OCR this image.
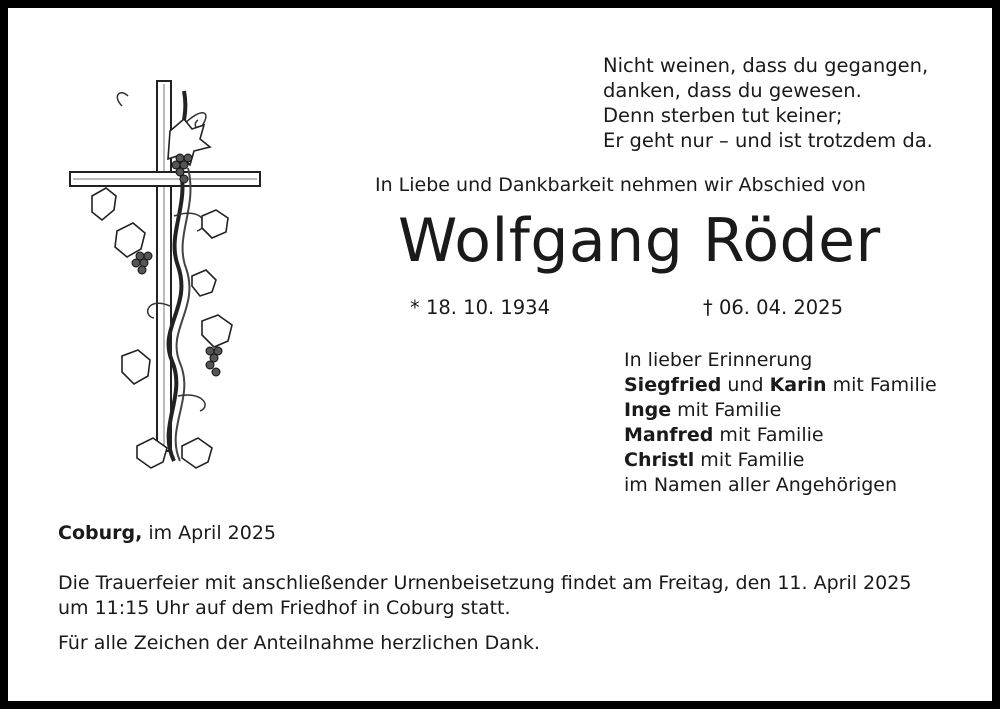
Nicht weinen, dass du gegangen,
danken, dass du gewesen.
Denn sterben tut keiner;
Er geht nur – und ist trotzdem da.
In Liebe und Dankbarkeit nehmen wir Abschied von
Wolfgang Röder
* 18. 10. 1934	† 06. 04. 2025
In lieber Erinnerung
Siegfried und Karin mit Familie
Inge mit Familie
Manfred mit Familie
Christl mit Familie
im Namen aller Angehörigen
Coburg, im April 2025
Die Trauerfeier mit anschließender Urnenbeisetzung findet am Freitag, den 11. April 2025
um 11:15 Uhr auf dem Friedhof in Coburg statt.
Für alle Zeichen der Anteilnahme herzlichen Dank.
